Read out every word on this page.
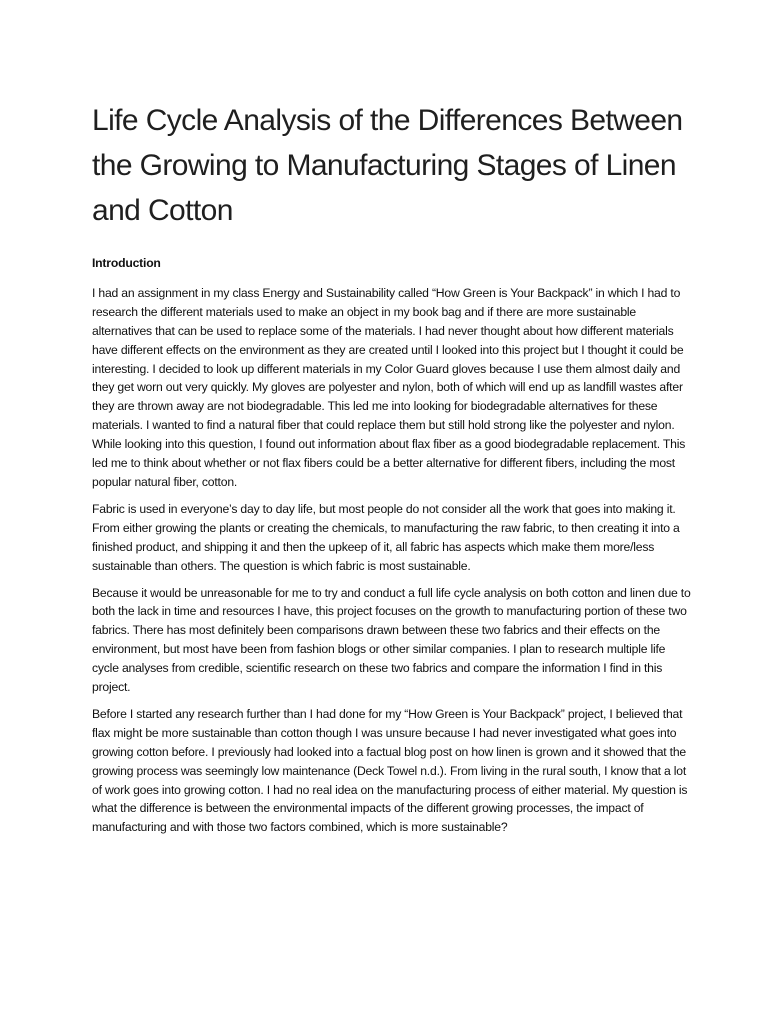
Life Cycle Analysis of the Differences Between the Growing to Manufacturing Stages of Linen and Cotton

Introduction

I had an assignment in my class Energy and Sustainability called “How Green is Your Backpack” in which I had to research the different materials used to make an object in my book bag and if there are more sustainable alternatives that can be used to replace some of the materials. I had never thought about how different materials have different effects on the environment as they are created until I looked into this project but I thought it could be interesting. I decided to look up different materials in my Color Guard gloves because I use them almost daily and they get worn out very quickly. My gloves are polyester and nylon, both of which will end up as landfill wastes after they are thrown away are not biodegradable. This led me into looking for biodegradable alternatives for these materials. I wanted to find a natural fiber that could replace them but still hold strong like the polyester and nylon. While looking into this question, I found out information about flax fiber as a good biodegradable replacement. This led me to think about whether or not flax fibers could be a better alternative for different fibers, including the most popular natural fiber, cotton.

Fabric is used in everyone’s day to day life, but most people do not consider all the work that goes into making it. From either growing the plants or creating the chemicals, to manufacturing the raw fabric, to then creating it into a finished product, and shipping it and then the upkeep of it, all fabric has aspects which make them more/less sustainable than others. The question is which fabric is most sustainable.

Because it would be unreasonable for me to try and conduct a full life cycle analysis on both cotton and linen due to both the lack in time and resources I have, this project focuses on the growth to manufacturing portion of these two fabrics. There has most definitely been comparisons drawn between these two fabrics and their effects on the environment, but most have been from fashion blogs or other similar companies. I plan to research multiple life cycle analyses from credible, scientific research on these two fabrics and compare the information I find in this project.

Before I started any research further than I had done for my “How Green is Your Backpack” project, I believed that flax might be more sustainable than cotton though I was unsure because I had never investigated what goes into growing cotton before. I previously had looked into a factual blog post on how linen is grown and it showed that the growing process was seemingly low maintenance (Deck Towel n.d.). From living in the rural south, I know that a lot of work goes into growing cotton. I had no real idea on the manufacturing process of either material. My question is what the difference is between the environmental impacts of the different growing processes, the impact of manufacturing and with those two factors combined, which is more sustainable?
